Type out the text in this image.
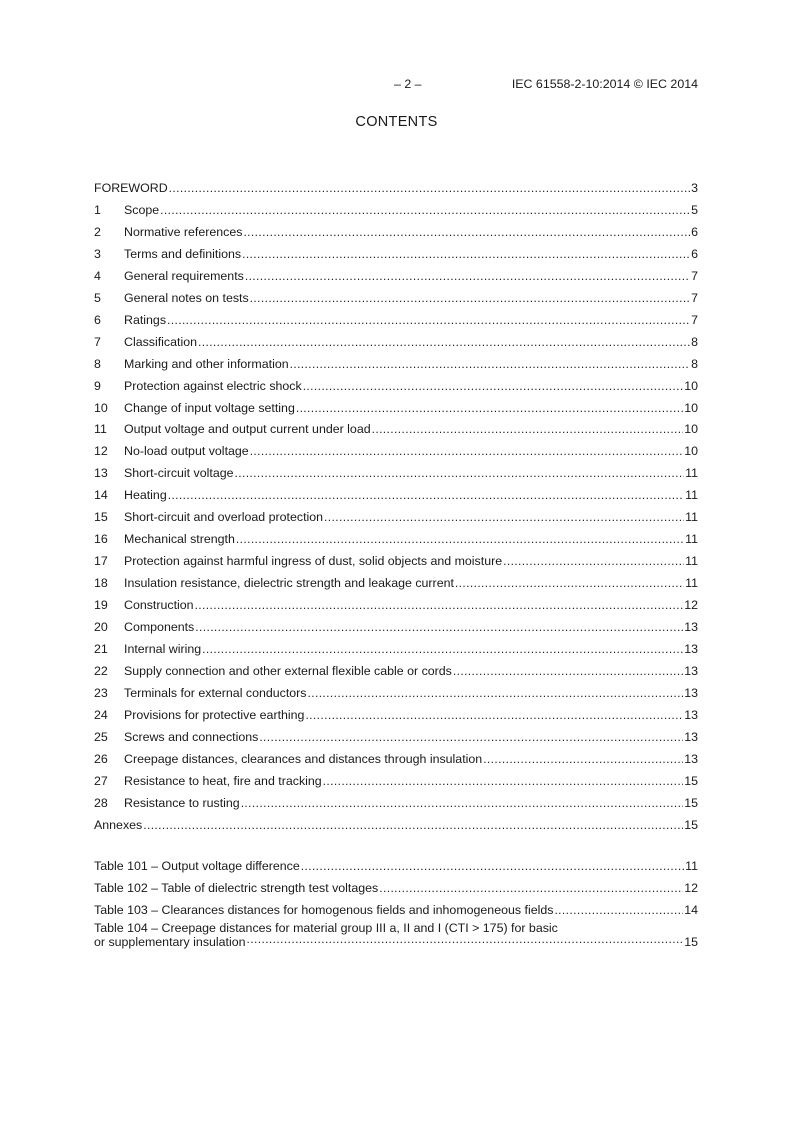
– 2 –	IEC 61558-2-10:2014 © IEC 2014
CONTENTS
FOREWORD .....	3
1	Scope .....	5
2	Normative references .....	6
3	Terms and definitions .....	6
4	General requirements .....	7
5	General notes on tests .....	7
6	Ratings .....	7
7	Classification .....	8
8	Marking and other information .....	8
9	Protection against electric shock .....	10
10	Change of input voltage setting .....	10
11	Output voltage and output current under load .....	10
12	No-load output voltage .....	10
13	Short-circuit voltage .....	11
14	Heating .....	11
15	Short-circuit and overload protection .....	11
16	Mechanical strength .....	11
17	Protection against harmful ingress of dust, solid objects and moisture .....	11
18	Insulation resistance, dielectric strength and leakage current .....	11
19	Construction .....	12
20	Components .....	13
21	Internal wiring .....	13
22	Supply connection and other external flexible cable or cords .....	13
23	Terminals for external conductors .....	13
24	Provisions for protective earthing .....	13
25	Screws and connections .....	13
26	Creepage distances, clearances and distances through insulation .....	13
27	Resistance to heat, fire and tracking .....	15
28	Resistance to rusting .....	15
Annexes .....	15
Table 101 – Output voltage difference .....	11
Table 102 – Table of dielectric strength test voltages .....	12
Table 103 – Clearances distances for homogenous fields and inhomogeneous fields .....	14
Table 104 – Creepage distances for material group III a, II and I (CTI > 175) for basic
or supplementary insulation .....	15
